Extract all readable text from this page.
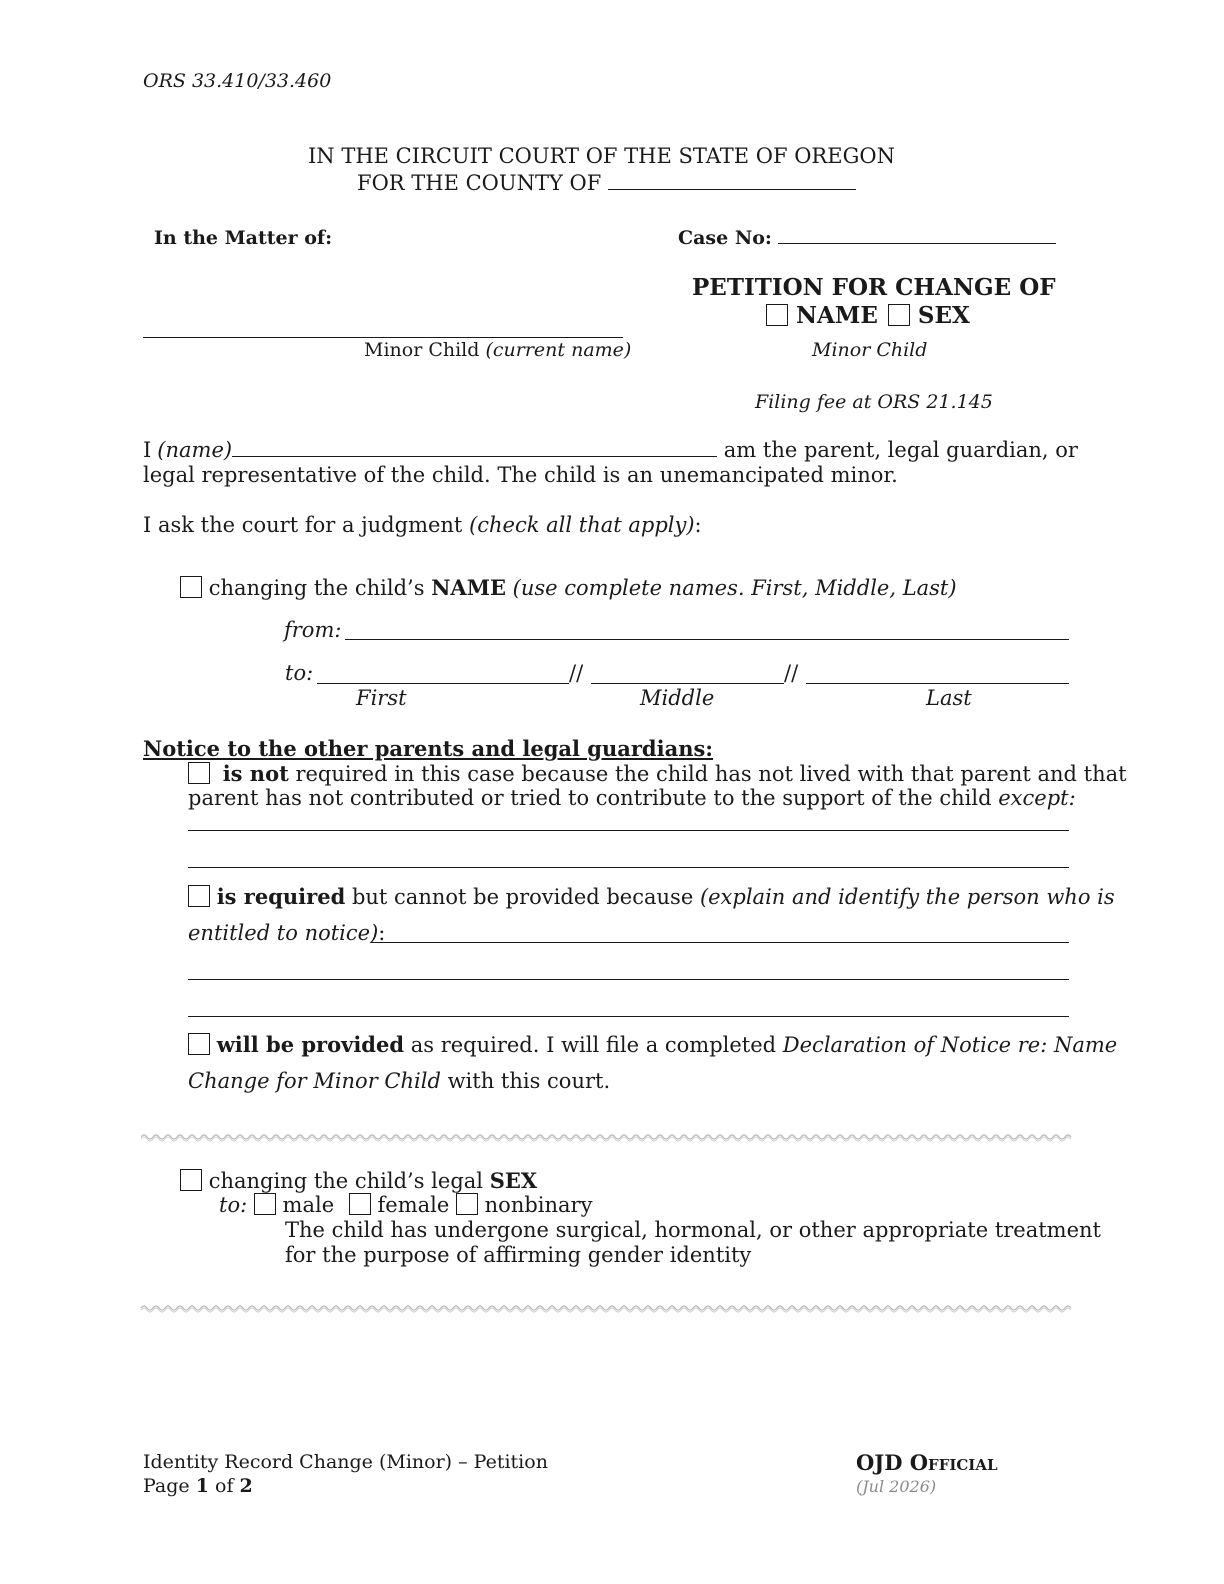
ORS 33.410/33.460
IN THE CIRCUIT COURT OF THE STATE OF OREGON
FOR THE COUNTY OF
In the Matter of:
Minor Child (current name)
Case No:
PETITION FOR CHANGE OF
NAME SEX
Minor Child
Filing fee at ORS 21.145
I (name)	am the parent, legal guardian, or
legal representative of the child. The child is an unemancipated minor.
I ask the court for a judgment (check all that apply):
changing the child’s NAME (use complete names. First, Middle, Last)
from:
to:	//	//
First	Middle	Last
Notice to the other parents and legal guardians:
is not required in this case because the child has not lived with that parent and that
parent has not contributed or tried to contribute to the support of the child except:
is required but cannot be provided because (explain and identify the person who is
entitled to notice):
will be provided as required. I will file a completed Declaration of Notice re: Name
Change for Minor Child with this court.
changing the child’s legal SEX
to: male female nonbinary
The child has undergone surgical, hormonal, or other appropriate treatment
for the purpose of affirming gender identity
Identity Record Change (Minor) – Petition
Page 1 of 2
OJD OFFICIAL
(Jul 2026)
